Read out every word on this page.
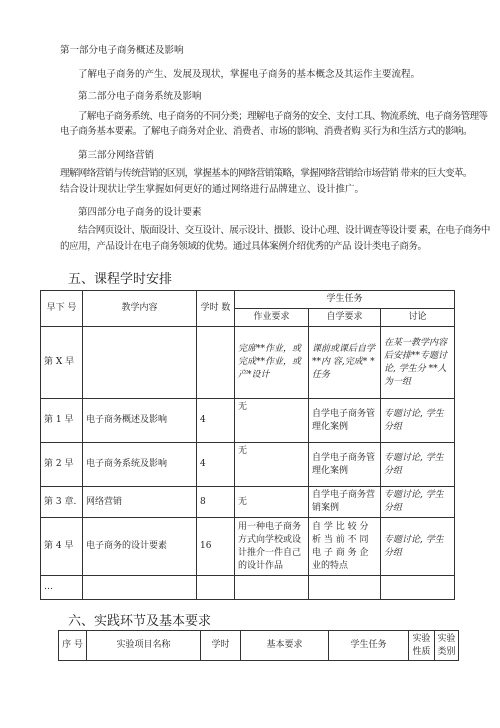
第一部分电子商务概述及影响
了解电子商务的产生、发展及现状，掌握电子商务的基本概念及其运作主要流程。
第二部分电子商务系统及影响
了解电子商务系统、电子商务的不同分类；理解电子商务的安全、支付工具、物流系统、电子商务管理等
电子商务基本要素。了解电子商务对企业、消费者、市场的影响、消费者购 买行为和生活方式的影响。
第三部分网络营销
理解网络营销与传统营销的区别，掌握基本的网络营销策略，掌握网络营销给市场营销 带来的巨大变革。
结合设计现状让学生掌握如何更好的通过网络进行品牌建立、设计推广。
第四部分电子商务的设计要素
结合网页设计、版面设计、交互设计、展示设计、摄影、设计心理、设计调查等设计要 素，在电子商务中
的应用，产品设计在电子商务领域的优势。通过具体案例介绍优秀的产品 设计类电子商务。
五、课程学时安排
早下 号	教学内容	学时 数	学生任务		
			作业要求	自学要求	讨论
第 X 早			完席**作业，或完成**作业，或产*设计	课前或课后自学**内 容,完成* * 任务	在某一教学内容后安排**专题讨 论, 学生分 **人为一组
第 1 早	电子商务概述及影响	4	无	自学电子商务管理化案例	专题讨论, 学生分组
第 2 早	电子商务系统及影响	4	无	自学电子商务管理化案例	专题讨论, 学生分组
第 3 章.	网络营销	8	无	自学电子商务营销案例	专题讨论, 学生分组
第 4 早	电子商务的设计要素	16	用一种电子商务方式向学校或设计推介一件自己的设计作品	自 学 比 较 分 析 当 前 不 同电 子 商 务 企 业的特点	专题讨论, 学生分组
…					
六、实践环节及基本要求
序 号	实验项目名称	学时	基本要求	学生任务	实验 性质	实验 类别
